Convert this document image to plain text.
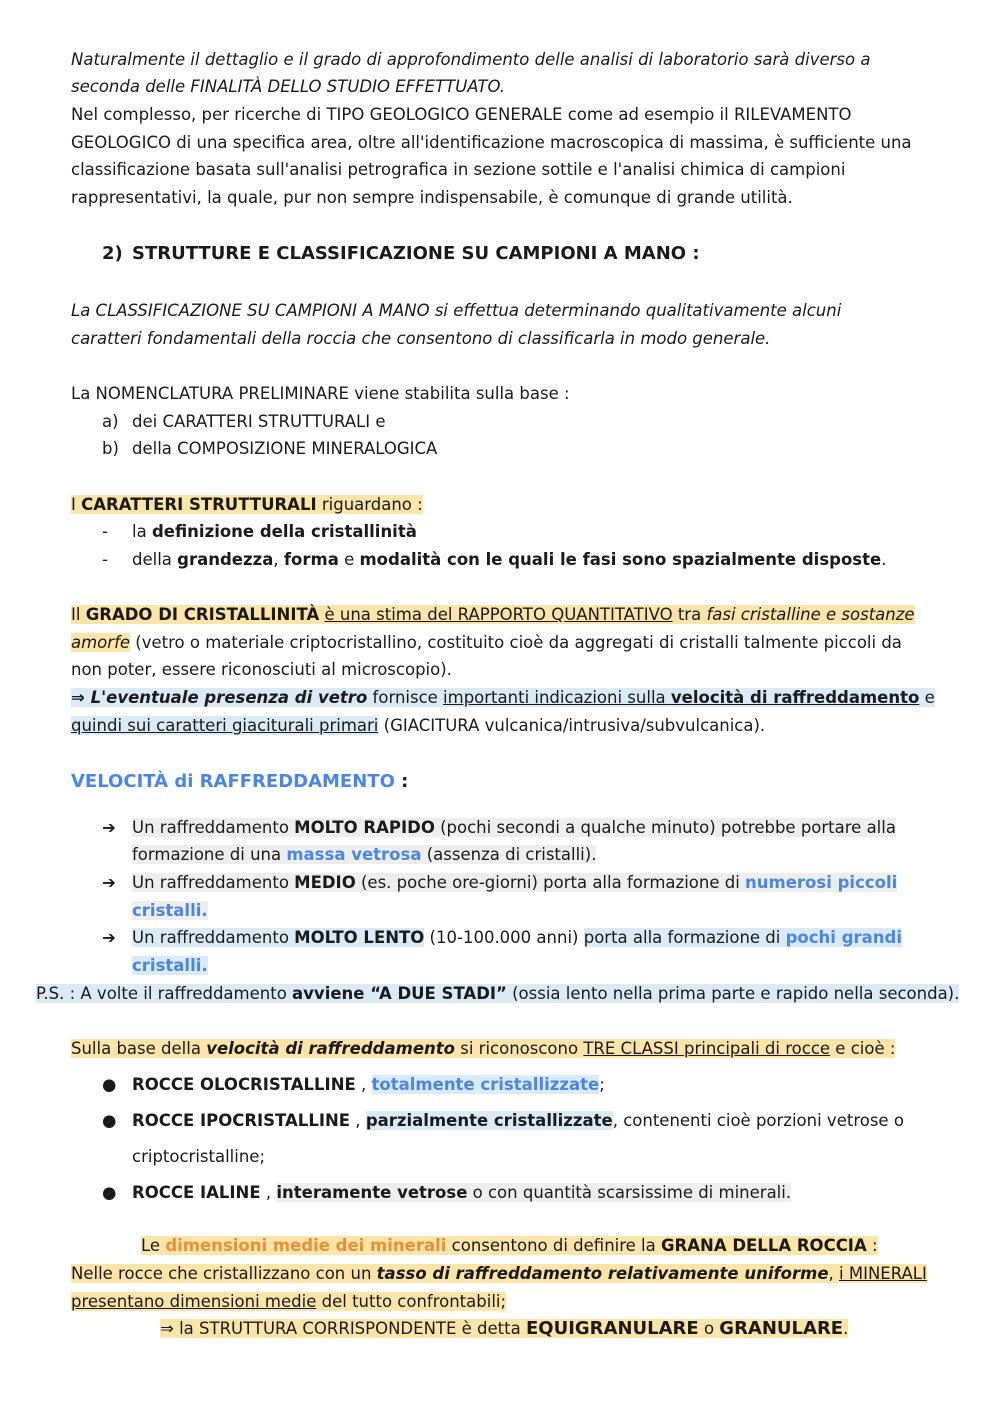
Naturalmente il dettaglio e il grado di approfondimento delle analisi di laboratorio sarà diverso a
seconda delle FINALITÀ DELLO STUDIO EFFETTUATO.
Nel complesso, per ricerche di TIPO GEOLOGICO GENERALE come ad esempio il RILEVAMENTO
GEOLOGICO di una specifica area, oltre all'identificazione macroscopica di massima, è sufficiente una
classificazione basata sull'analisi petrografica in sezione sottile e l'analisi chimica di campioni
rappresentativi, la quale, pur non sempre indispensabile, è comunque di grande utilità.
2) STRUTTURE E CLASSIFICAZIONE SU CAMPIONI A MANO :
La CLASSIFICAZIONE SU CAMPIONI A MANO si effettua determinando qualitativamente alcuni
caratteri fondamentali della roccia che consentono di classificarla in modo generale.
La NOMENCLATURA PRELIMINARE viene stabilita sulla base :
a) dei CARATTERI STRUTTURALI e
b) della COMPOSIZIONE MINERALOGICA
I CARATTERI STRUTTURALI riguardano :
- la definizione della cristallinità
- della grandezza, forma e modalità con le quali le fasi sono spazialmente disposte.
Il GRADO DI CRISTALLINITÀ è una stima del RAPPORTO QUANTITATIVO tra fasi cristalline e sostanze
amorfe (vetro o materiale criptocristallino, costituito cioè da aggregati di cristalli talmente piccoli da
non poter, essere riconosciuti al microscopio).
⇒ L'eventuale presenza di vetro fornisce importanti indicazioni sulla velocità di raffreddamento e
quindi sui caratteri giaciturali primari (GIACITURA vulcanica/intrusiva/subvulcanica).
VELOCITÀ di RAFFREDDAMENTO :
➔ Un raffreddamento MOLTO RAPIDO (pochi secondi a qualche minuto) potrebbe portare alla
formazione di una massa vetrosa (assenza di cristalli).
➔ Un raffreddamento MEDIO (es. poche ore-giorni) porta alla formazione di numerosi piccoli
cristalli.
➔ Un raffreddamento MOLTO LENTO (10-100.000 anni) porta alla formazione di pochi grandi
cristalli.
P.S. : A volte il raffreddamento avviene “A DUE STADI” (ossia lento nella prima parte e rapido nella seconda).
Sulla base della velocità di raffreddamento si riconoscono TRE CLASSI principali di rocce e cioè :
● ROCCE OLOCRISTALLINE , totalmente cristallizzate;
● ROCCE IPOCRISTALLINE , parzialmente cristallizzate, contenenti cioè porzioni vetrose o
criptocristalline;
● ROCCE IALINE , interamente vetrose o con quantità scarsissime di minerali.
Le dimensioni medie dei minerali consentono di definire la GRANA DELLA ROCCIA :
Nelle rocce che cristallizzano con un tasso di raffreddamento relativamente uniforme, i MINERALI
presentano dimensioni medie del tutto confrontabili;
⇒ la STRUTTURA CORRISPONDENTE è detta EQUIGRANULARE o GRANULARE.
